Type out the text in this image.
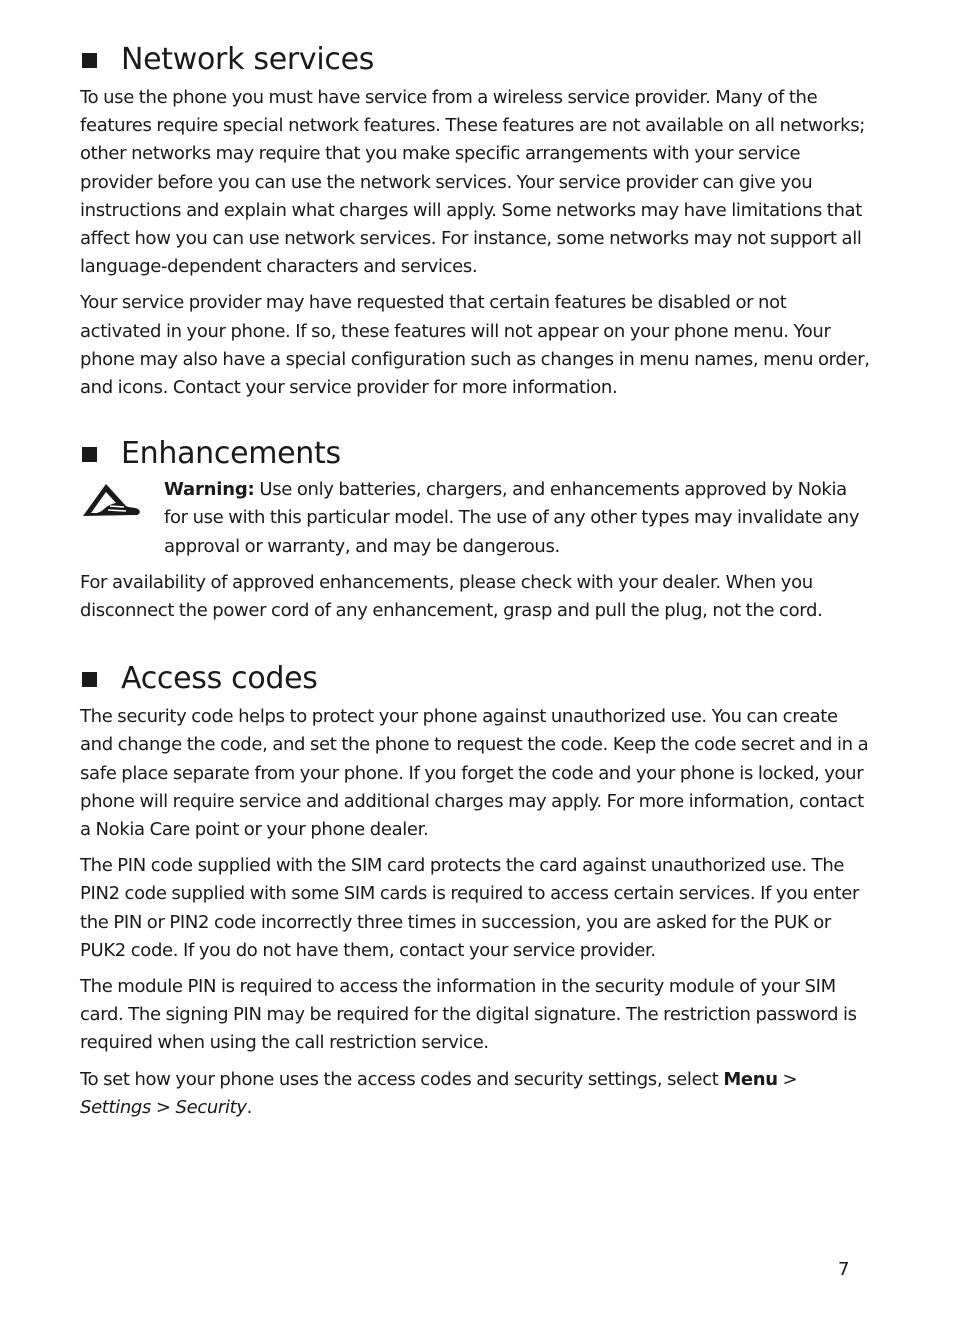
Network services

To use the phone you must have service from a wireless service provider. Many of the features require special network features. These features are not available on all networks; other networks may require that you make specific arrangements with your service provider before you can use the network services. Your service provider can give you instructions and explain what charges will apply. Some networks may have limitations that affect how you can use network services. For instance, some networks may not support all language-dependent characters and services.

Your service provider may have requested that certain features be disabled or not activated in your phone. If so, these features will not appear on your phone menu. Your phone may also have a special configuration such as changes in menu names, menu order, and icons. Contact your service provider for more information.

Enhancements

Warning: Use only batteries, chargers, and enhancements approved by Nokia for use with this particular model. The use of any other types may invalidate any approval or warranty, and may be dangerous.

For availability of approved enhancements, please check with your dealer. When you disconnect the power cord of any enhancement, grasp and pull the plug, not the cord.

Access codes

The security code helps to protect your phone against unauthorized use. You can create and change the code, and set the phone to request the code. Keep the code secret and in a safe place separate from your phone. If you forget the code and your phone is locked, your phone will require service and additional charges may apply. For more information, contact a Nokia Care point or your phone dealer.

The PIN code supplied with the SIM card protects the card against unauthorized use. The PIN2 code supplied with some SIM cards is required to access certain services. If you enter the PIN or PIN2 code incorrectly three times in succession, you are asked for the PUK or PUK2 code. If you do not have them, contact your service provider.

The module PIN is required to access the information in the security module of your SIM card. The signing PIN may be required for the digital signature. The restriction password is required when using the call restriction service.

To set how your phone uses the access codes and security settings, select Menu > Settings > Security.

7
